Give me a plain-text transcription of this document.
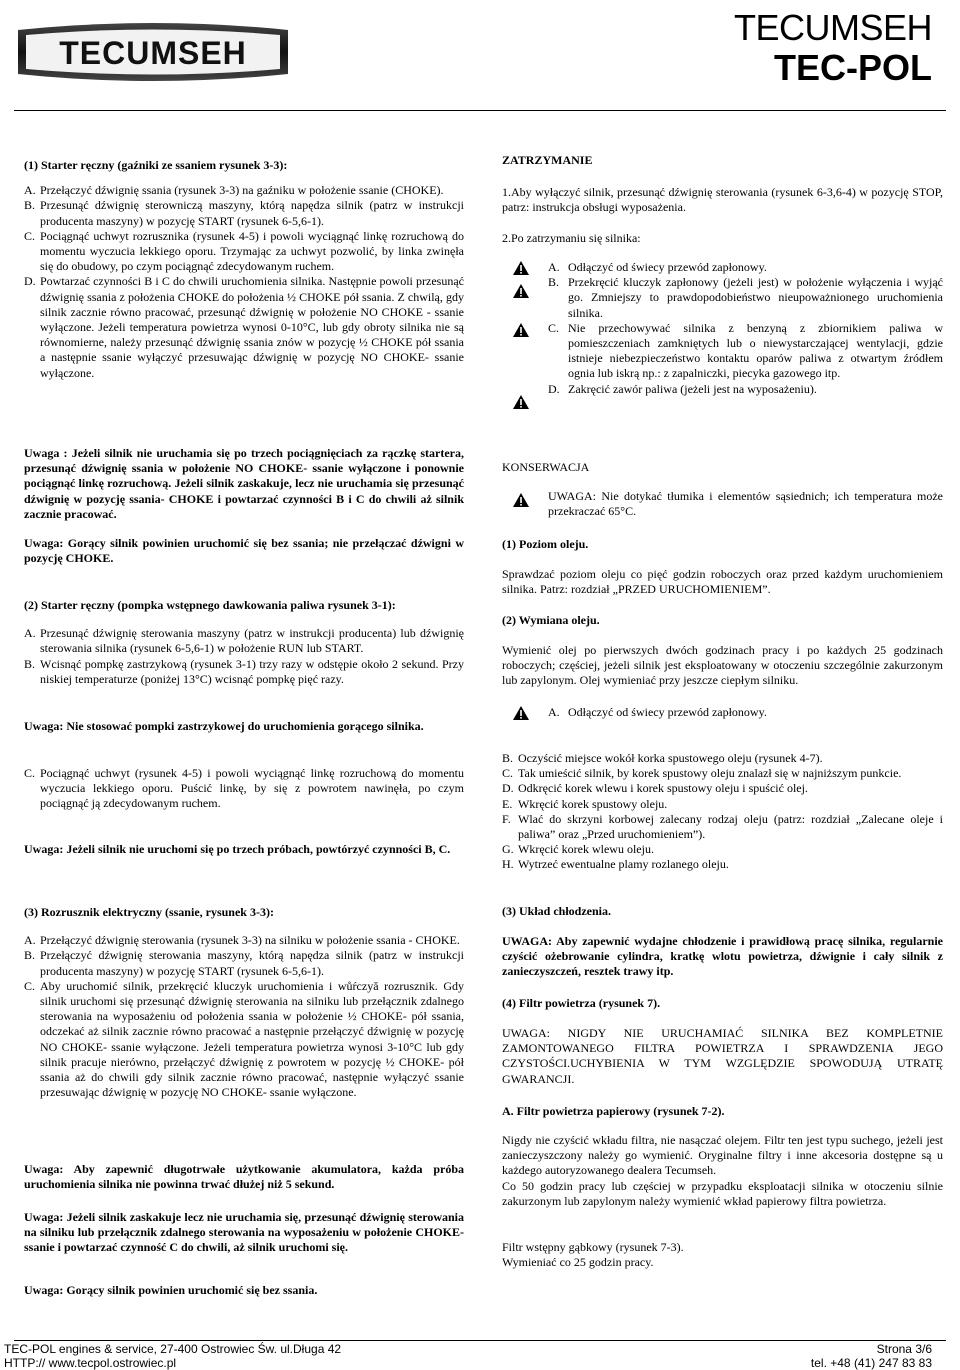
TECUMSEH
TECUMSEH
TEC-POL

(1) Starter ręczny (gaźniki ze ssaniem rysunek 3-3):

A. Przełączyć dźwignię ssania (rysunek 3-3) na gaźniku w położenie ssanie (CHOKE).
B. Przesunąć dźwignię sterowniczą maszyny, którą napędza silnik (patrz w instrukcji producenta maszyny) w pozycję START (rysunek 6-5,6-1).
C. Pociągnąć uchwyt rozrusznika (rysunek 4-5) i powoli wyciągnąć linkę rozruchową do momentu wyczucia lekkiego oporu. Trzymając za uchwyt pozwolić, by linka zwinęła się do obudowy, po czym pociągnąć zdecydowanym ruchem.
D. Powtarzać czynności B i C do chwili uruchomienia silnika. Następnie powoli przesunąć dźwignię ssania z położenia CHOKE do położenia ½ CHOKE pół ssania. Z chwilą, gdy silnik zacznie równo pracować, przesunąć dźwignię w położenie NO CHOKE - ssanie wyłączone. Jeżeli temperatura powietrza wynosi 0-10°C, lub gdy obroty silnika nie są równomierne, należy przesunąć dźwignię ssania znów w pozycję ½ CHOKE pół ssania a następnie ssanie wyłączyć przesuwając dźwignię w pozycję NO CHOKE- ssanie wyłączone.

Uwaga : Jeżeli silnik nie uruchamia się po trzech pociągnięciach za rączkę startera, przesunąć dźwignię ssania w położenie NO CHOKE- ssanie wyłączone i ponownie pociągnąć linkę rozruchową. Jeżeli silnik zaskakuje, lecz nie uruchamia się przesunąć dźwignię w pozycję ssania- CHOKE i powtarzać czynności B i C do chwili aż silnik zacznie pracować.

Uwaga: Gorący silnik powinien uruchomić się bez ssania; nie przełączać dźwigni w pozycję CHOKE.

(2) Starter ręczny (pompka wstępnego dawkowania paliwa rysunek 3-1):

A. Przesunąć dźwignię sterowania maszyny (patrz w instrukcji producenta) lub dźwignię sterowania silnika (rysunek 6-5,6-1) w położenie RUN lub START.
B. Wcisnąć pompkę zastrzykową (rysunek 3-1) trzy razy w odstępie około 2 sekund. Przy niskiej temperaturze (poniżej 13°C) wcisnąć pompkę pięć razy.

Uwaga: Nie stosować pompki zastrzykowej do uruchomienia gorącego silnika.

C. Pociągnąć uchwyt (rysunek 4-5) i powoli wyciągnąć linkę rozruchową do momentu wyczucia lekkiego oporu. Puścić linkę, by się z powrotem nawinęła, po czym pociągnąć ją zdecydowanym ruchem.

Uwaga: Jeżeli silnik nie uruchomi się po trzech próbach, powtórzyć czynności B, C.

(3) Rozrusznik elektryczny (ssanie, rysunek 3-3):

A. Przełączyć dźwignię sterowania (rysunek 3-3) na silniku w położenie ssania - CHOKE.
B. Przełączyć dźwignię sterowania maszyny, którą napędza silnik (patrz w instrukcji producenta maszyny) w pozycję START (rysunek 6-5,6-1).
C. Aby uruchomić silnik, przekręcić kluczyk uruchomienia i wůŕczyă rozrusznik. Gdy silnik uruchomi się przesunąć dźwignię sterowania na silniku lub przełącznik zdalnego sterowania na wyposażeniu od położenia ssania w położenie ½ CHOKE- pół ssania, odczekać aż silnik zacznie równo pracować a następnie przełączyć dźwignię w pozycję NO CHOKE- ssanie wyłączone. Jeżeli temperatura powietrza wynosi 3-10°C lub gdy silnik pracuje nierówno, przełączyć dźwignię z powrotem w pozycję ½ CHOKE- pół ssania aż do chwili gdy silnik zacznie równo pracować, następnie wyłączyć ssanie przesuwając dźwignię w pozycję NO CHOKE- ssanie wyłączone.

Uwaga: Aby zapewnić długotrwałe użytkowanie akumulatora, każda próba uruchomienia silnika nie powinna trwać dłużej niż 5 sekund.

Uwaga: Jeżeli silnik zaskakuje lecz nie uruchamia się, przesunąć dźwignię sterowania na silniku lub przełącznik zdalnego sterowania na wyposażeniu w położenie CHOKE- ssanie i powtarzać czynność C do chwili, aż silnik uruchomi się.

Uwaga: Gorący silnik powinien uruchomić się bez ssania.

ZATRZYMANIE

1.Aby wyłączyć silnik, przesunąć dźwignię sterowania (rysunek 6-3,6-4) w pozycję STOP, patrz: instrukcja obsługi wyposażenia.

2.Po zatrzymaniu się silnika:

A. Odłączyć od świecy przewód zapłonowy.
B. Przekręcić kluczyk zapłonowy (jeżeli jest) w położenie wyłączenia i wyjąć go. Zmniejszy to prawdopodobieństwo nieupoważnionego uruchomienia silnika.
C. Nie przechowywać silnika z benzyną z zbiornikiem paliwa w pomieszczeniach zamkniętych lub o niewystarczającej wentylacji, gdzie istnieje niebezpieczeństwo kontaktu oparów paliwa z otwartym źródłem ognia lub iskrą np.: z zapalniczki, piecyka gazowego itp.
D. Zakręcić zawór paliwa (jeżeli jest na wyposażeniu).

KONSERWACJA

UWAGA: Nie dotykać tłumika i elementów sąsiednich; ich temperatura może przekraczać 65°C.

(1) Poziom oleju.

Sprawdzać poziom oleju co pięć godzin roboczych oraz przed każdym uruchomieniem silnika. Patrz: rozdział „PRZED URUCHOMIENIEM”.

(2) Wymiana oleju.

Wymienić olej po pierwszych dwóch godzinach pracy i po każdych 25 godzinach roboczych; częściej, jeżeli silnik jest eksploatowany w otoczeniu szczególnie zakurzonym lub zapylonym. Olej wymieniać przy jeszcze ciepłym silniku.

A. Odłączyć od świecy przewód zapłonowy.
B. Oczyścić miejsce wokół korka spustowego oleju (rysunek 4-7).
C. Tak umieścić silnik, by korek spustowy oleju znalazł się w najniższym punkcie.
D. Odkręcić korek wlewu i korek spustowy oleju i spuścić olej.
E. Wkręcić korek spustowy oleju.
F. Wlać do skrzyni korbowej zalecany rodzaj oleju (patrz: rozdział „Zalecane oleje i paliwa” oraz „Przed uruchomieniem”).
G. Wkręcić korek wlewu oleju.
H. Wytrzeć ewentualne plamy rozlanego oleju.

(3) Układ chłodzenia.

UWAGA: Aby zapewnić wydajne chłodzenie i prawidłową pracę silnika, regularnie czyścić ożebrowanie cylindra, kratkę wlotu powietrza, dźwignie i cały silnik z zanieczyszczeń, resztek trawy itp.

(4) Filtr powietrza (rysunek 7).

UWAGA: NIGDY NIE URUCHAMIAĆ SILNIKA BEZ KOMPLETNIE ZAMONTOWANEGO FILTRA POWIETRZA I SPRAWDZENIA JEGO CZYSTOŚCI.UCHYBIENIA W TYM WZGLĘDZIE SPOWODUJĄ UTRATĘ GWARANCJI.

A. Filtr powietrza papierowy (rysunek 7-2).

Nigdy nie czyścić wkładu filtra, nie nasączać olejem. Filtr ten jest typu suchego, jeżeli jest zanieczyszczony należy go wymienić. Oryginalne filtry i inne akcesoria dostępne są u każdego autoryzowanego dealera Tecumseh.

Co 50 godzin pracy lub częściej w przypadku eksploatacji silnika w otoczeniu silnie zakurzonym lub zapylonym należy wymienić wkład papierowy filtra powietrza.

Filtr wstępny gąbkowy (rysunek 7-3).

Wymieniać co 25 godzin pracy.

TEC-POL engines & service, 27-400 Ostrowiec Św. ul.Długa 42
HTTP:// www.tecpol.ostrowiec.pl
Strona 3/6
tel. +48 (41) 247 83 83
